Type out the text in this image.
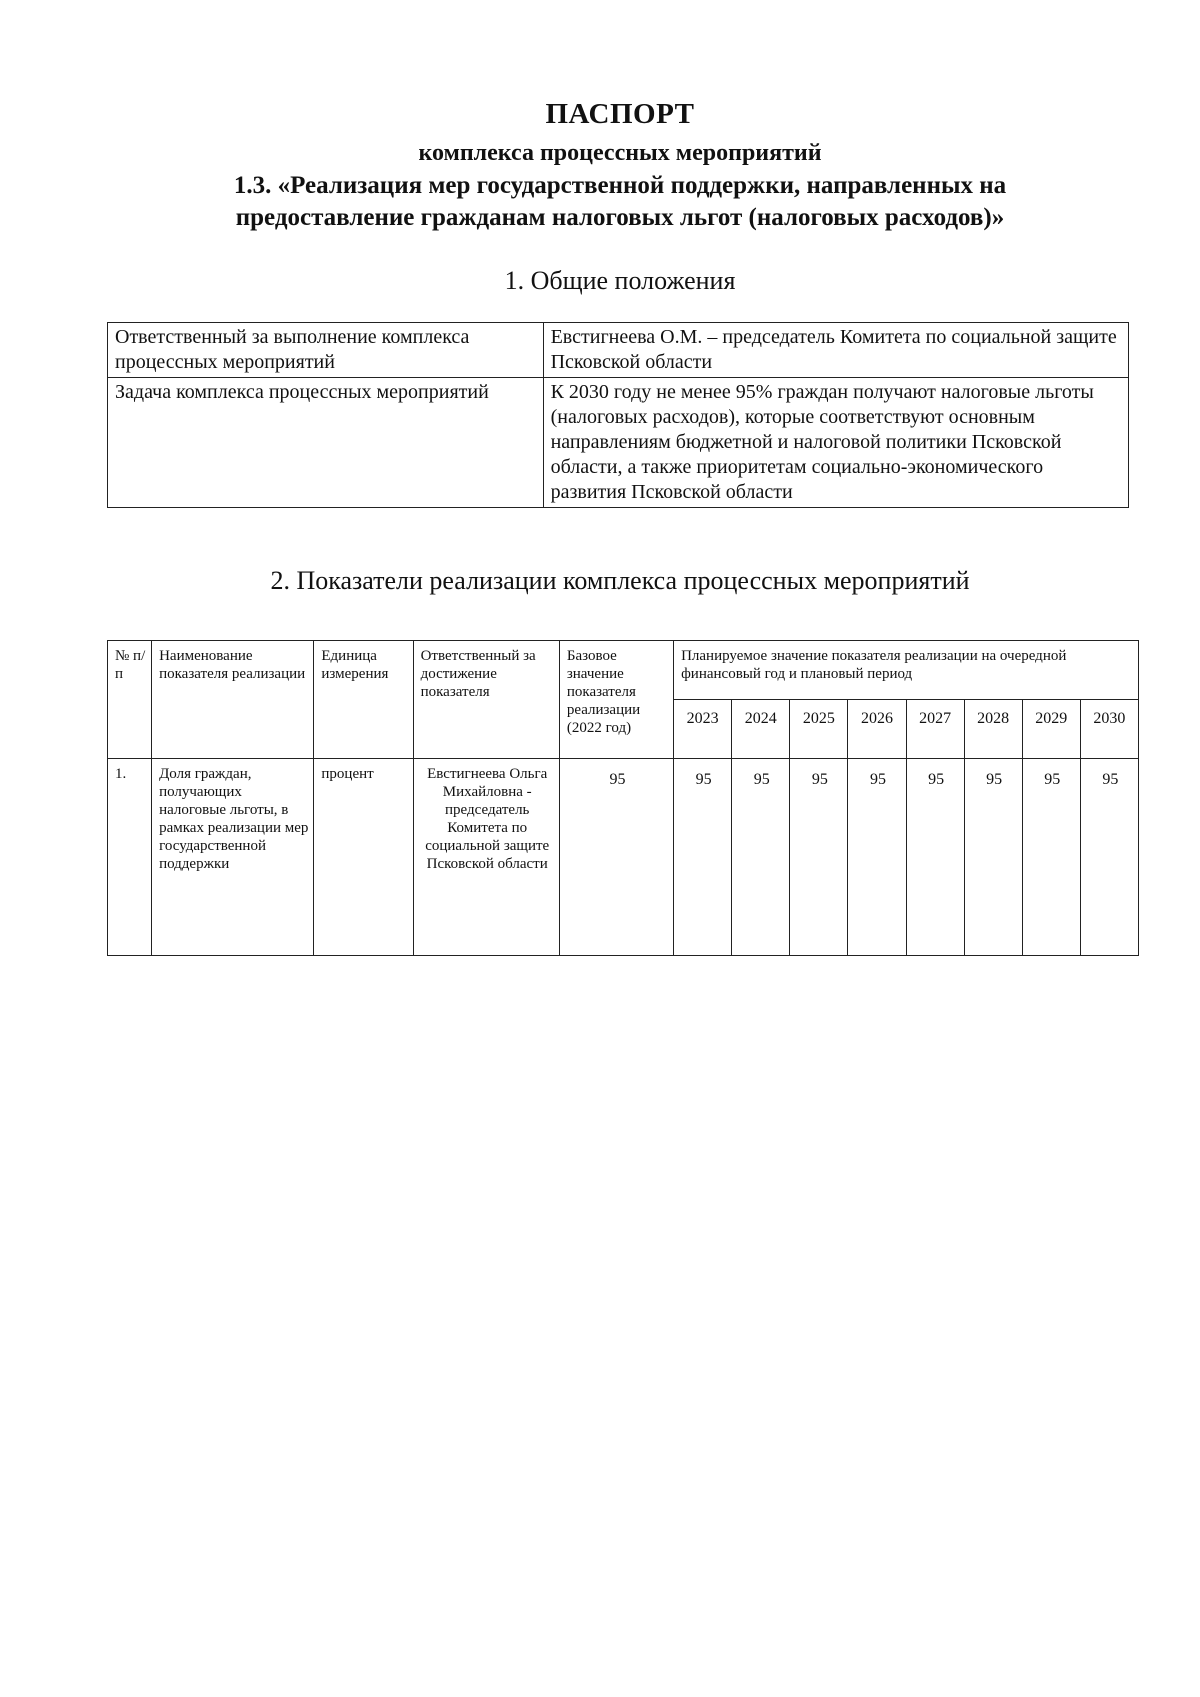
ПАСПОРТ
комплекса процессных мероприятий
1.3. «Реализация мер государственной поддержки, направленных на
предоставление гражданам налоговых льгот (налоговых расходов)»
1. Общие положения
Ответственный за выполнение комплекса процессных мероприятий	Евстигнеева О.М. – председатель Комитета по социальной защите Псковской области
Задача комплекса процессных мероприятий	К 2030 году не менее 95% граждан получают налоговые льготы (налоговых расходов), которые соответствуют основным направлениям бюджетной и налоговой политики Псковской области, а также приоритетам социально-экономического развития Псковской области
2. Показатели реализации комплекса процессных мероприятий
№ п/п	Наименование показателя реализации	Единица измерения	Ответственный за достижение показателя	Базовое значение показателя реализации (2022 год)	Планируемое значение показателя реализации на очередной финансовый год и плановый период							
					2023	2024	2025	2026	2027	2028	2029	2030
1.	Доля граждан, получающих налоговые льготы, в рамках реализации мер государственной поддержки	процент	Евстигнеева Ольга Михайловна - председатель Комитета по социальной защите Псковской области	95	95	95	95	95	95	95	95	95
